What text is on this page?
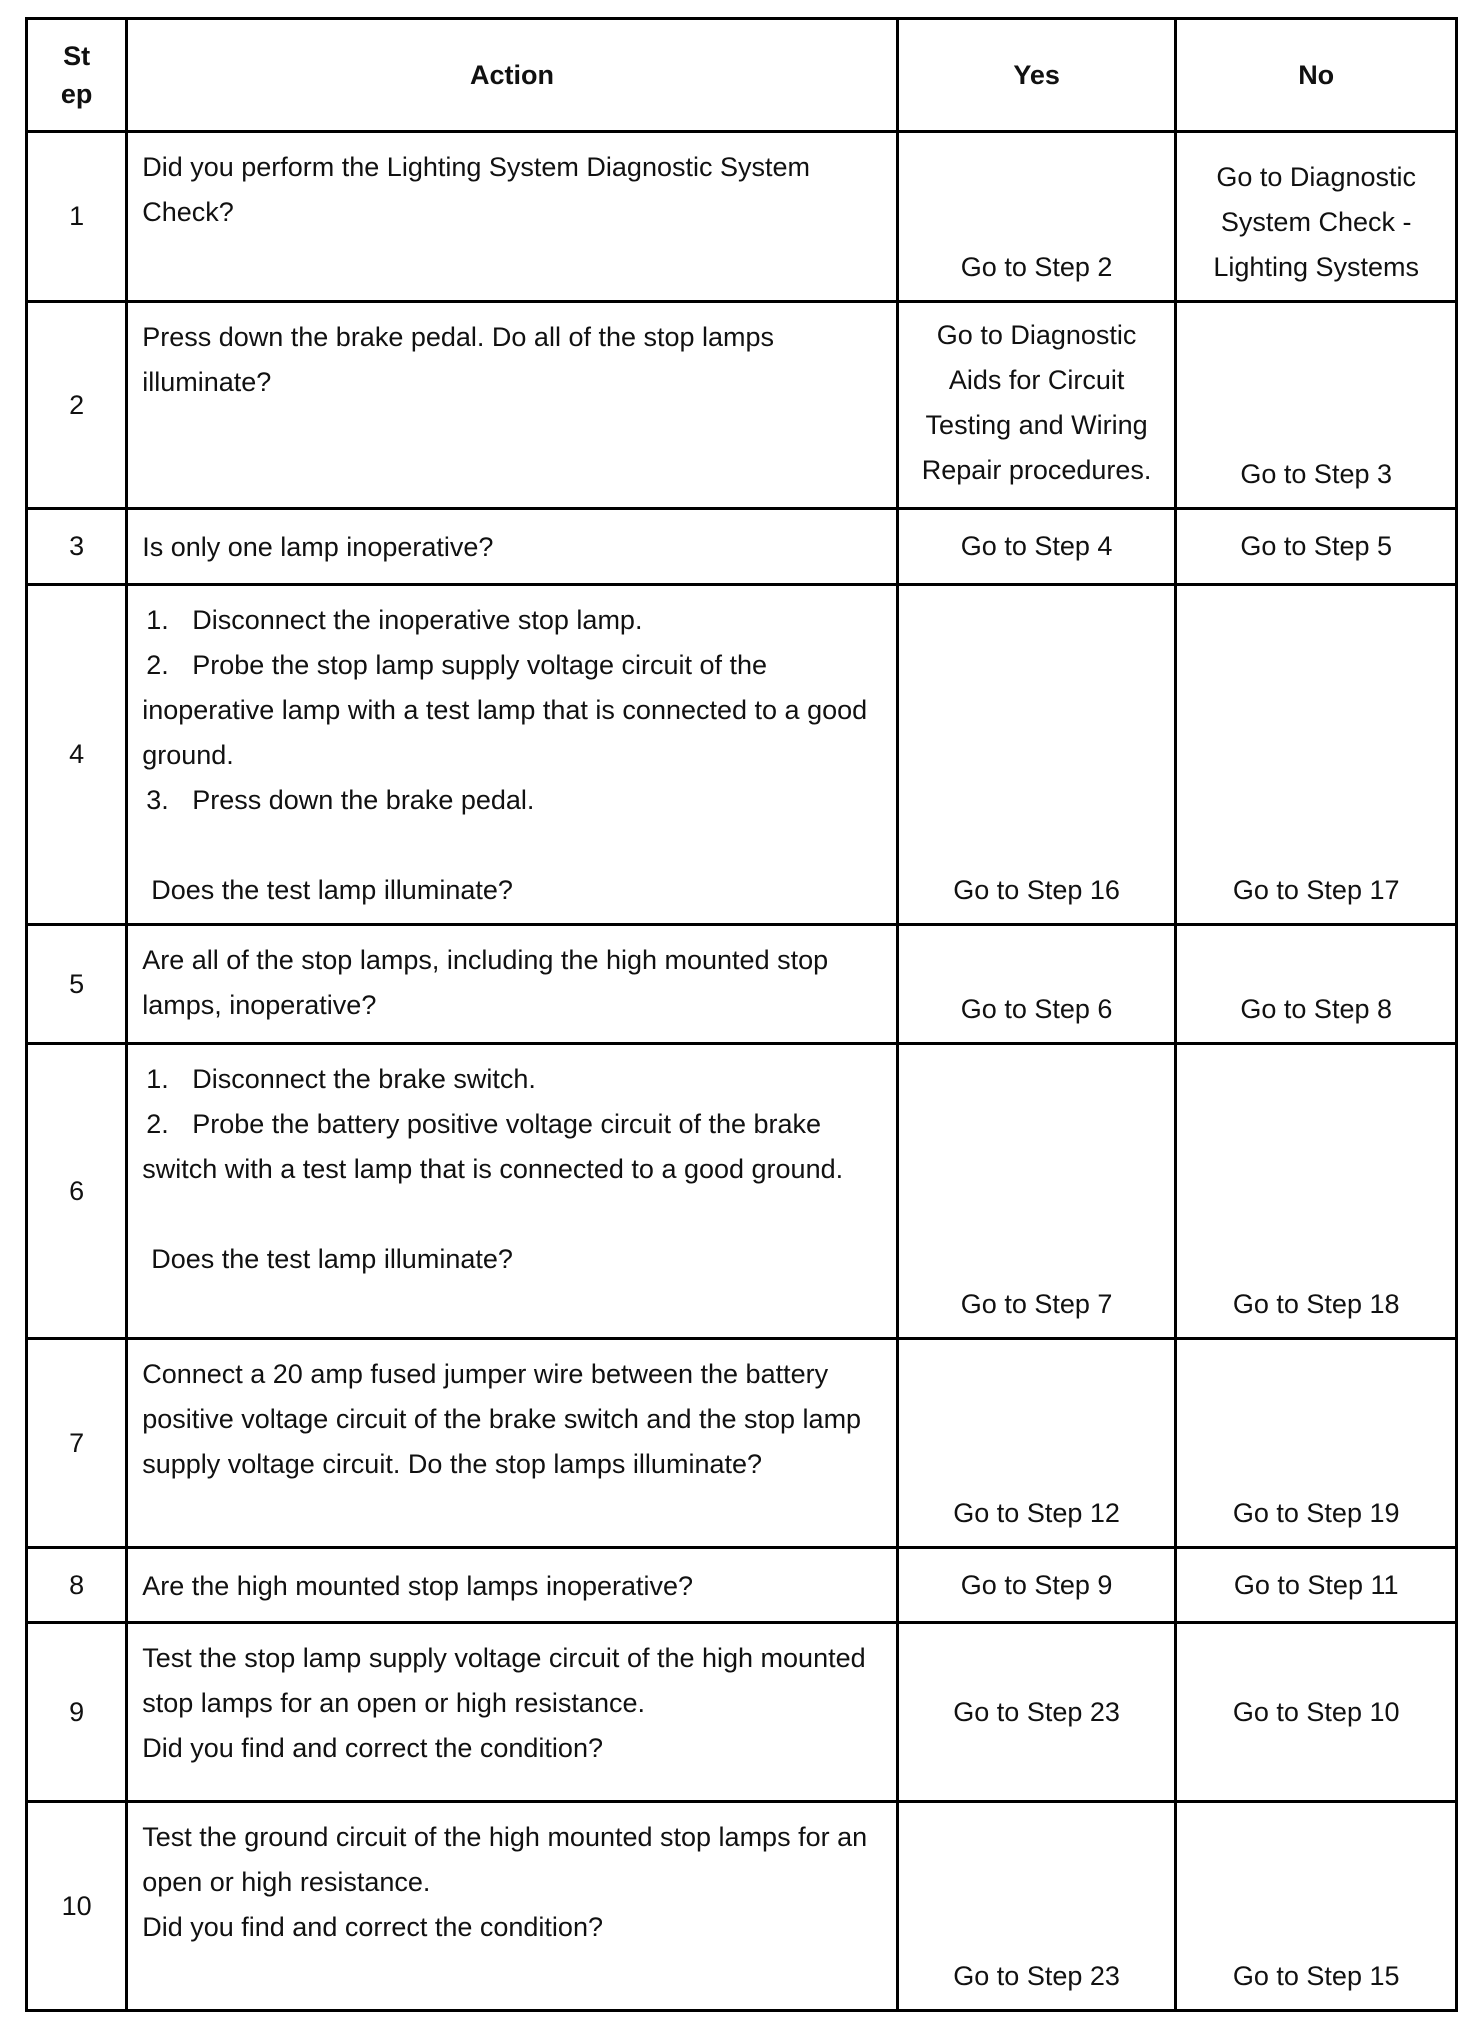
St ep	Action	Yes	No
1	Did you perform the Lighting System Diagnostic System Check?	Go to Step 2	Go to Diagnostic System Check - Lighting Systems
2	Press down the brake pedal. Do all of the stop lamps illuminate?	Go to Diagnostic Aids for Circuit Testing and Wiring Repair procedures.	Go to Step 3
3	Is only one lamp inoperative?	Go to Step 4	Go to Step 5
4	1. Disconnect the inoperative stop lamp.
2. Probe the stop lamp supply voltage circuit of the inoperative lamp with a test lamp that is connected to a good ground.
3. Press down the brake pedal.
Does the test lamp illuminate?	Go to Step 16	Go to Step 17
5	Are all of the stop lamps, including the high mounted stop lamps, inoperative?	Go to Step 6	Go to Step 8
6	1. Disconnect the brake switch.
2. Probe the battery positive voltage circuit of the brake switch with a test lamp that is connected to a good ground.
Does the test lamp illuminate?	Go to Step 7	Go to Step 18
7	Connect a 20 amp fused jumper wire between the battery positive voltage circuit of the brake switch and the stop lamp supply voltage circuit. Do the stop lamps illuminate?	Go to Step 12	Go to Step 19
8	Are the high mounted stop lamps inoperative?	Go to Step 9	Go to Step 11
9	Test the stop lamp supply voltage circuit of the high mounted stop lamps for an open or high resistance.
Did you find and correct the condition?	Go to Step 23	Go to Step 10
10	Test the ground circuit of the high mounted stop lamps for an open or high resistance.
Did you find and correct the condition?	Go to Step 23	Go to Step 15
